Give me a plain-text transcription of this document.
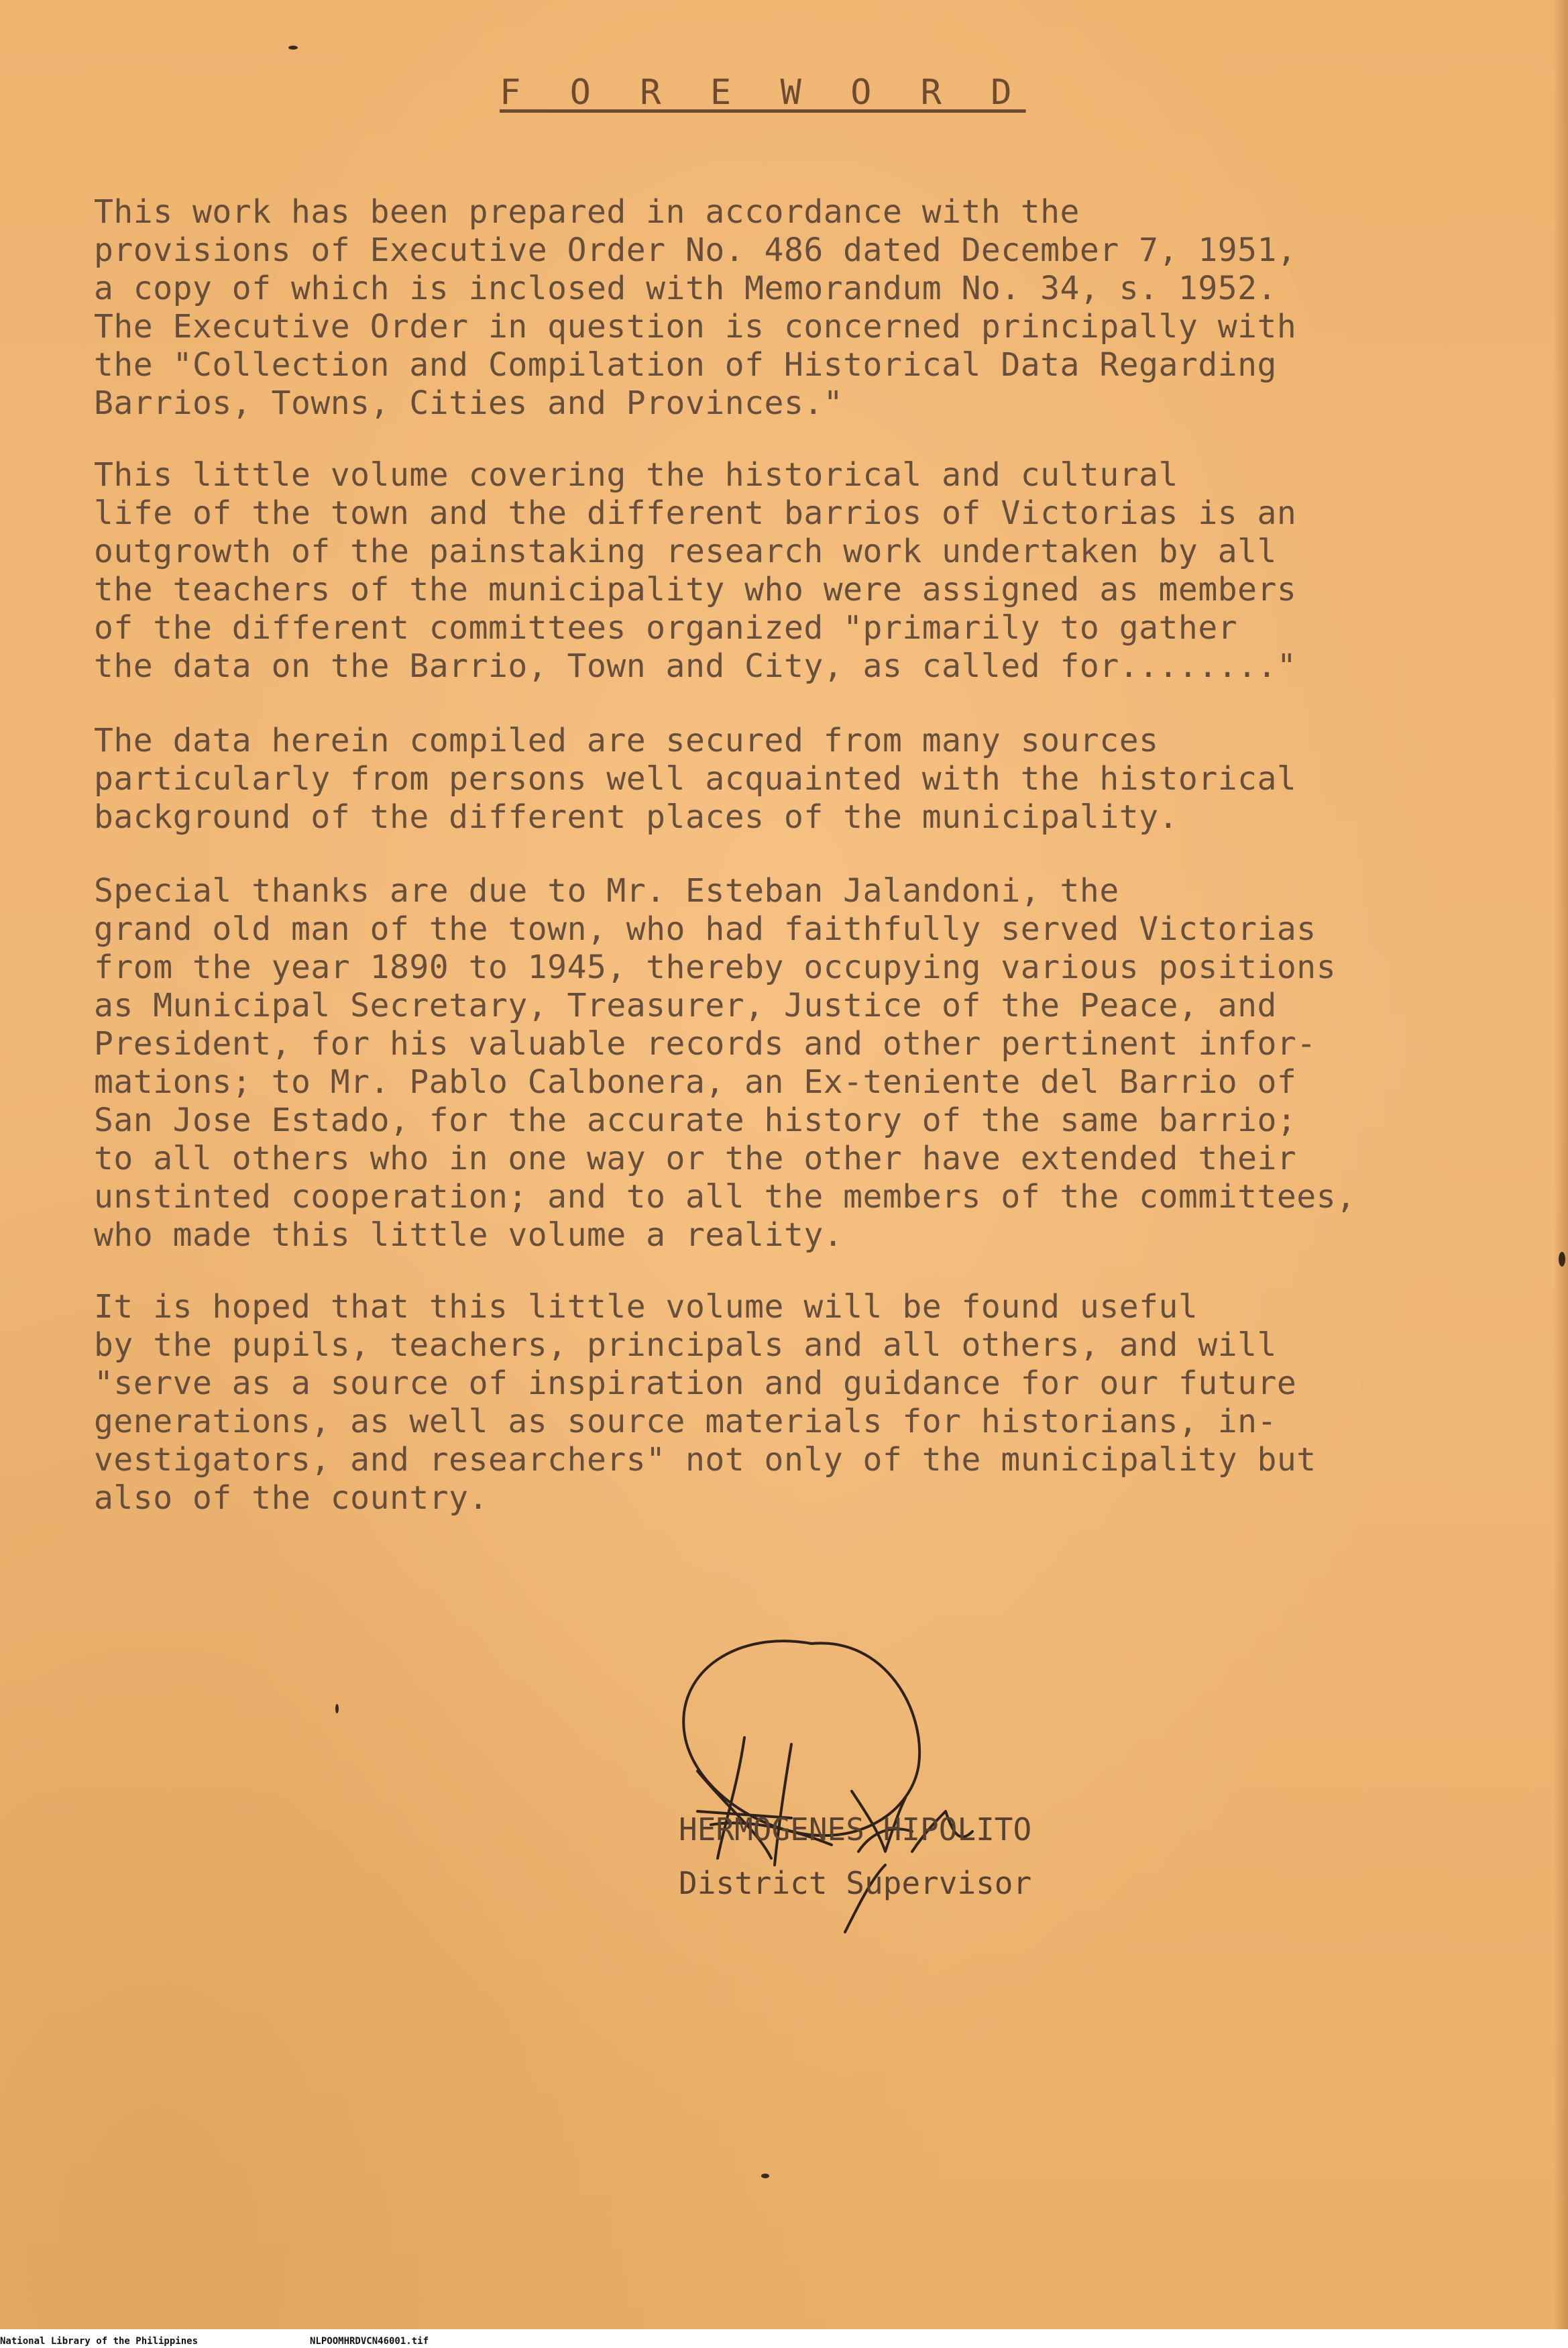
F O R E W O R D

This work has been prepared in accordance with the
provisions of Executive Order No. 486 dated December 7, 1951,
a copy of which is inclosed with Memorandum No. 34, s. 1952.
The Executive Order in question is concerned principally with
the "Collection and Compilation of Historical Data Regarding
Barrios, Towns, Cities and Provinces."

This little volume covering the historical and cultural
life of the town and the different barrios of Victorias is an
outgrowth of the painstaking research work undertaken by all
the teachers of the municipality who were assigned as members
of the different committees organized "primarily to gather
the data on the Barrio, Town and City, as called for........"

The data herein compiled are secured from many sources
particularly from persons well acquainted with the historical
background of the different places of the municipality.

Special thanks are due to Mr. Esteban Jalandoni, the
grand old man of the town, who had faithfully served Victorias
from the year 1890 to 1945, thereby occupying various positions
as Municipal Secretary, Treasurer, Justice of the Peace, and
President, for his valuable records and other pertinent infor-
mations; to Mr. Pablo Calbonera, an Ex-teniente del Barrio of
San Jose Estado, for the accurate history of the same barrio;
to all others who in one way or the other have extended their
unstinted cooperation; and to all the members of the committees,
who made this little volume a reality.

It is hoped that this little volume will be found useful
by the pupils, teachers, principals and all others, and will
"serve as a source of inspiration and guidance for our future
generations, as well as source materials for historians, in-
vestigators, and researchers" not only of the municipality but
also of the country.

HERMOGENES HIPOLITO
District Supervisor
National Library of the Philippines	NLPOOMHRDVCN46001.tif
